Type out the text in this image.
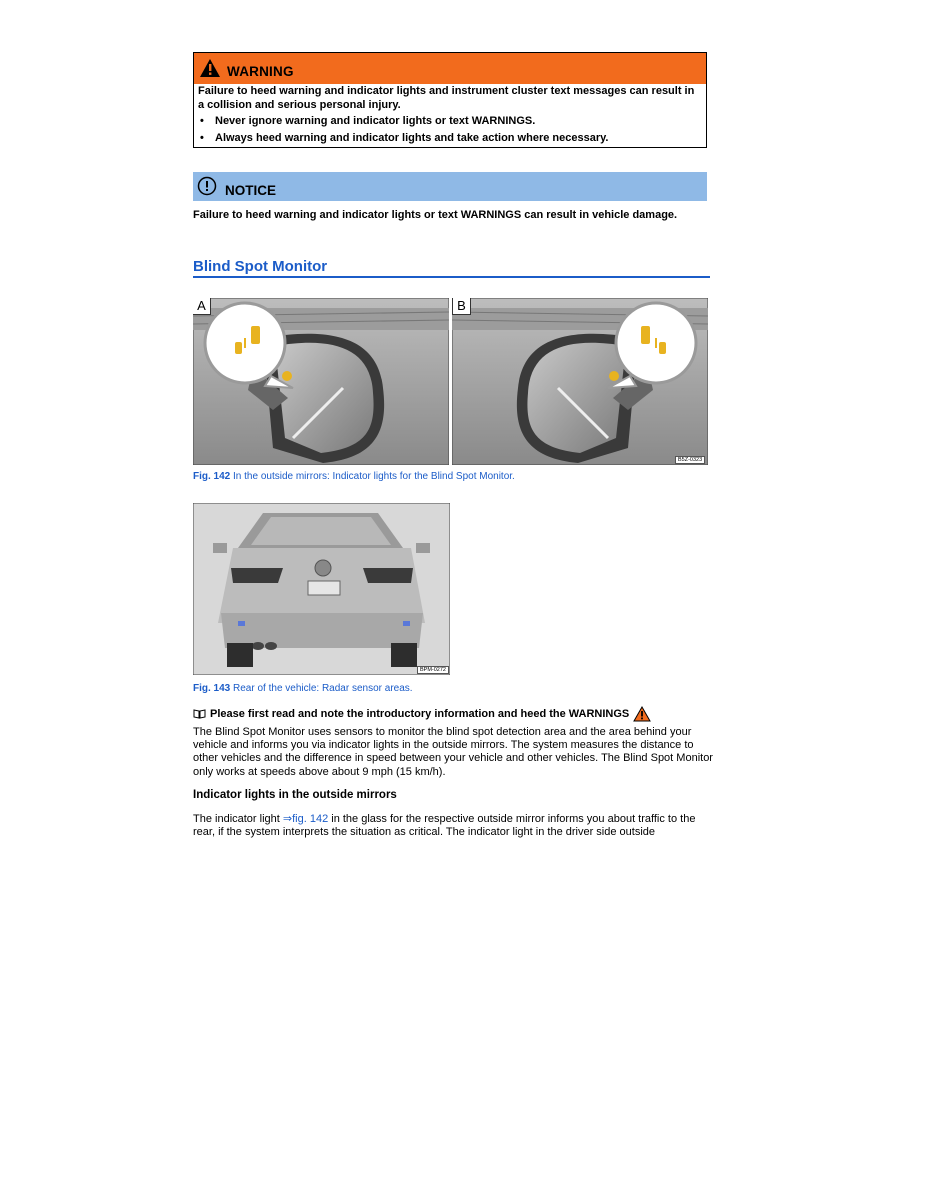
WARNING
Failure to heed warning and indicator lights and instrument cluster text messages can result in a collision and serious personal injury.
• Never ignore warning and indicator lights or text WARNINGS.
• Always heed warning and indicator lights and take action where necessary.
NOTICE
Failure to heed warning and indicator lights or text WARNINGS can result in vehicle damage.
Blind Spot Monitor
A	B
B5Z-0323
Fig. 142 In the outside mirrors: Indicator lights for the Blind Spot Monitor.
BPM-0272
Fig. 143 Rear of the vehicle: Radar sensor areas.
Please first read and note the introductory information and heed the WARNINGS
The Blind Spot Monitor uses sensors to monitor the blind spot detection area and the area behind your vehicle and informs you via indicator lights in the outside mirrors. The system measures the distance to other vehicles and the difference in speed between your vehicle and other vehicles. The Blind Spot Monitor only works at speeds above about 9 mph (15 km/h).
Indicator lights in the outside mirrors
The indicator light ⇒fig. 142 in the glass for the respective outside mirror informs you about traffic to the rear, if the system interprets the situation as critical. The indicator light in the driver side outside
